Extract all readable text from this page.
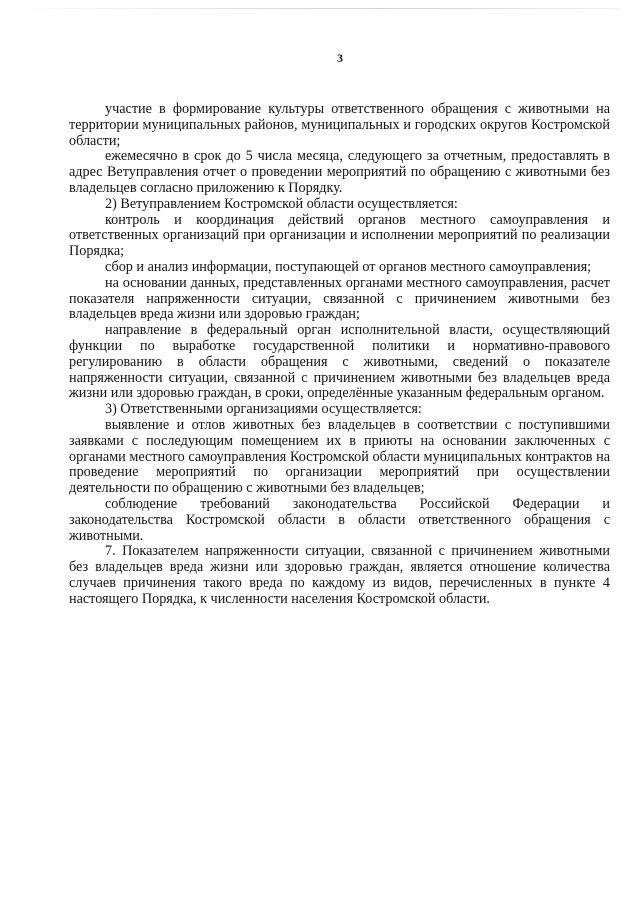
3

участие в формирование культуры ответственного обращения с животными на территории муниципальных районов, муниципальных и городских округов Костромской области;

ежемесячно в срок до 5 числа месяца, следующего за отчетным, предоставлять в адрес Ветуправления отчет о проведении мероприятий по обращению с животными без владельцев согласно приложению к Порядку.

2) Ветуправлением Костромской области осуществляется:

контроль и координация действий органов местного самоуправления и ответственных организаций при организации и исполнении мероприятий по реализации Порядка;

сбор и анализ информации, поступающей от органов местного самоуправления;

на основании данных, представленных органами местного самоуправления, расчет показателя напряженности ситуации, связанной с причинением животными без владельцев вреда жизни или здоровью граждан;

направление в федеральный орган исполнительной власти, осуществляющий функции по выработке государственной политики и нормативно-правового регулированию в области обращения с животными, сведений о показателе напряженности ситуации, связанной с причинением животными без владельцев вреда жизни или здоровью граждан, в сроки, определённые указанным федеральным органом.

3) Ответственными организациями осуществляется:

выявление и отлов животных без владельцев в соответствии с поступившими заявками с последующим помещением их в приюты на основании заключенных с органами местного самоуправления Костромской области муниципальных контрактов на проведение мероприятий по организации мероприятий при осуществлении деятельности по обращению с животными без владельцев;

соблюдение требований законодательства Российской Федерации и законодательства Костромской области в области ответственного обращения с животными.

7. Показателем напряженности ситуации, связанной с причинением животными без владельцев вреда жизни или здоровью граждан, является отношение количества случаев причинения такого вреда по каждому из видов, перечисленных в пункте 4 настоящего Порядка, к численности населения Костромской области.
